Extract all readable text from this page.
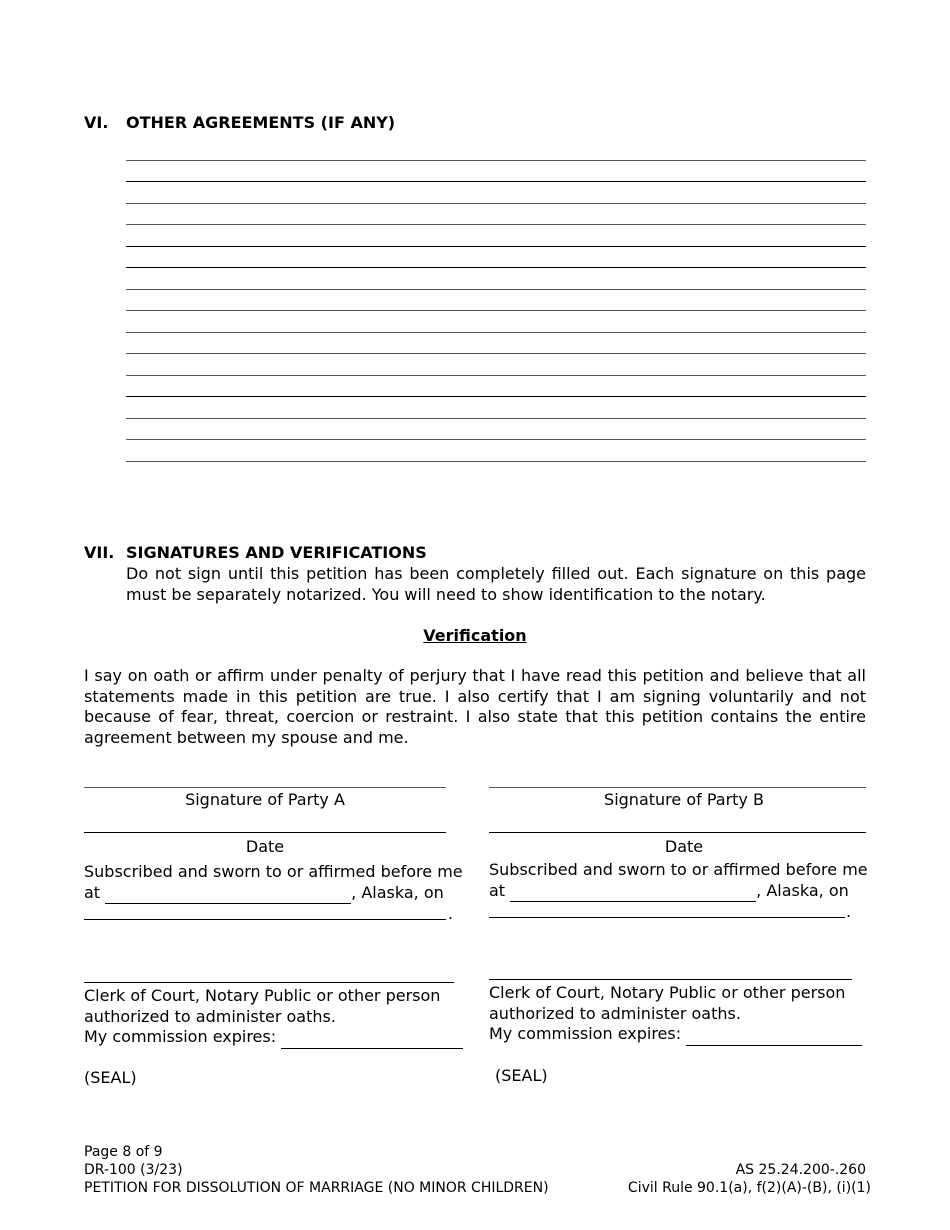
VI. OTHER AGREEMENTS (IF ANY)
VII. SIGNATURES AND VERIFICATIONS
Do not sign until this petition has been completely filled out. Each signature on this page must be separately notarized. You will need to show identification to the notary.
Verification
I say on oath or affirm under penalty of perjury that I have read this petition and believe that all statements made in this petition are true. I also certify that I am signing voluntarily and not because of fear, threat, coercion or restraint. I also state that this petition contains the entire agreement between my spouse and me.
Signature of Party A
Date
Subscribed and sworn to or affirmed before me
at	, Alaska, on
.
Clerk of Court, Notary Public or other person
authorized to administer oaths.
My commission expires:
(SEAL)
Signature of Party B
Date
Subscribed and sworn to or affirmed before me
at	, Alaska, on
.
Clerk of Court, Notary Public or other person
authorized to administer oaths.
My commission expires:
(SEAL)
Page 8 of 9
DR-100 (3/23)
PETITION FOR DISSOLUTION OF MARRIAGE (NO MINOR CHILDREN)
AS 25.24.200-.260
Civil Rule 90.1(a), f(2)(A)-(B), (i)(1)
